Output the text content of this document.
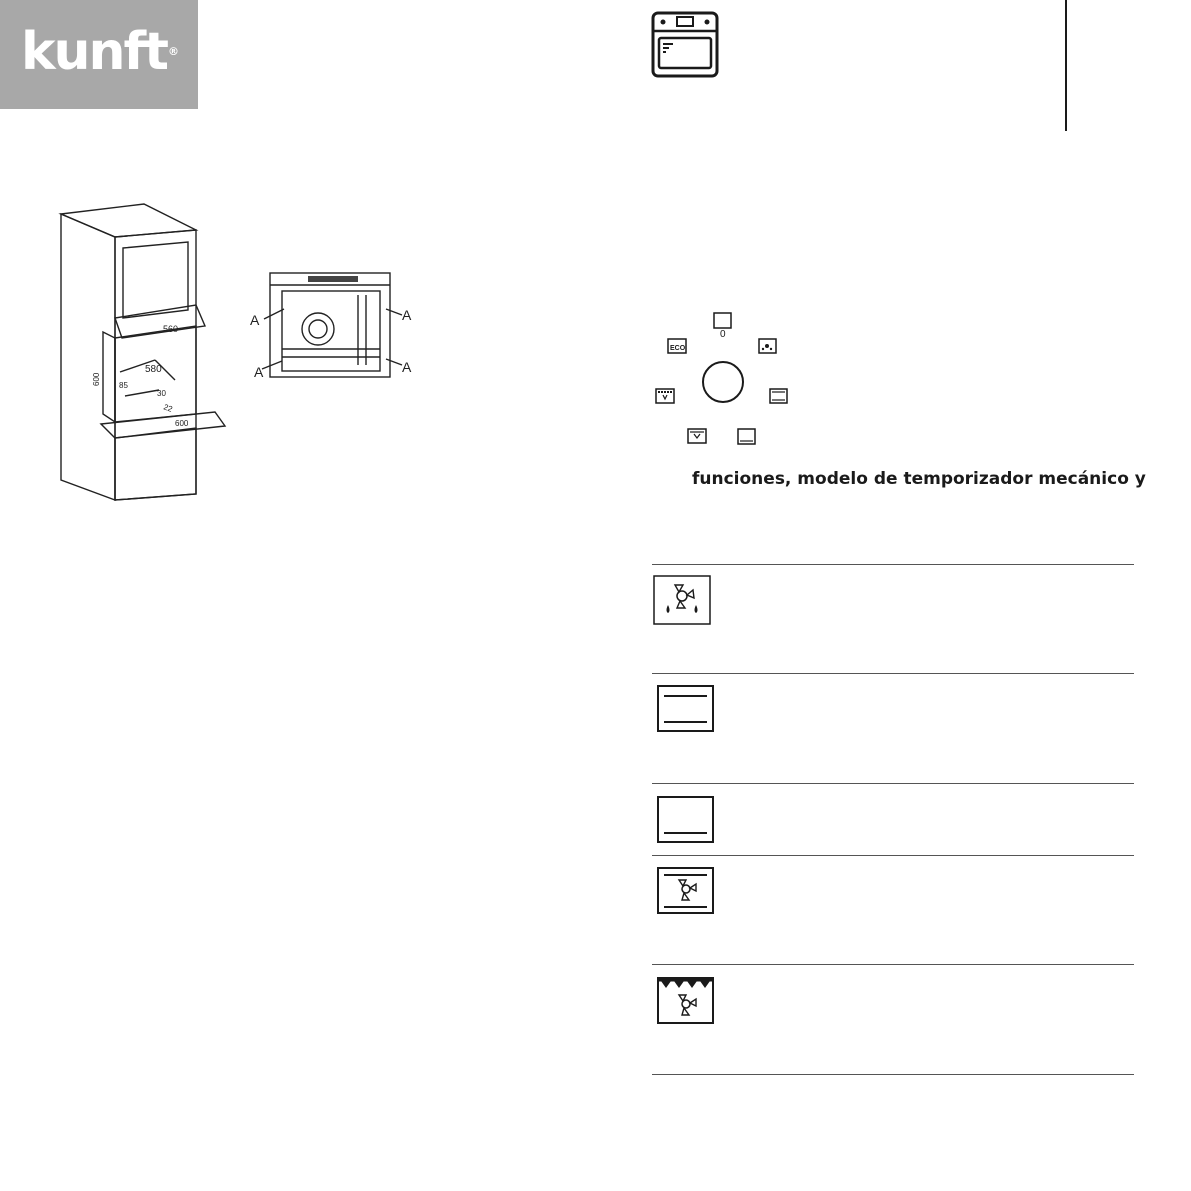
kunft ®
560
580
600 85
30
22
600
A
A
A
A
0
ECO
funciones, modelo de temporizador mecánico y
